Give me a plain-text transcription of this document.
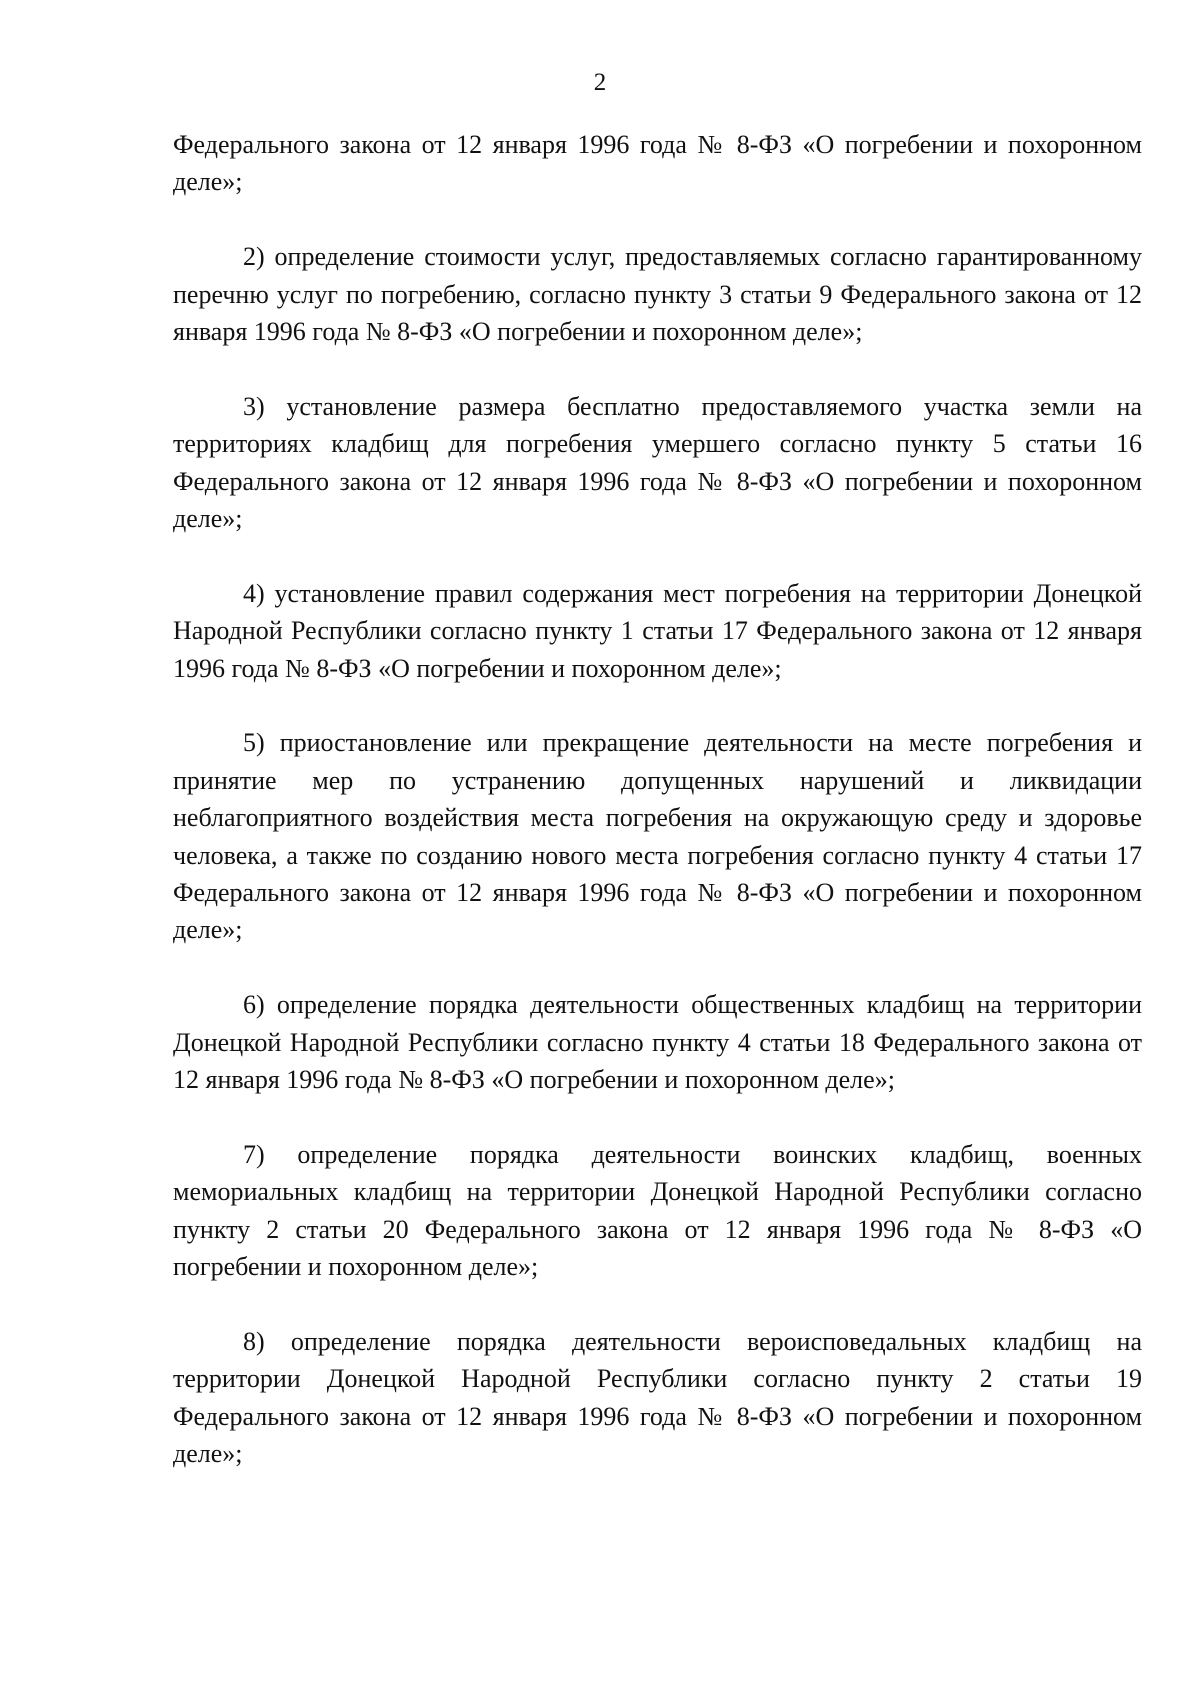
2

Федерального закона от 12 января 1996 года № 8-ФЗ «О погребении и похоронном деле»;

2) определение стоимости услуг, предоставляемых согласно гарантированному перечню услуг по погребению, согласно пункту 3 статьи 9 Федерального закона от 12 января 1996 года № 8-ФЗ «О погребении и похоронном деле»;

3) установление размера бесплатно предоставляемого участка земли на территориях кладбищ для погребения умершего согласно пункту 5 статьи 16 Федерального закона от 12 января 1996 года № 8-ФЗ «О погребении и похоронном деле»;

4) установление правил содержания мест погребения на территории Донецкой Народной Республики согласно пункту 1 статьи 17 Федерального закона от 12 января 1996 года № 8-ФЗ «О погребении и похоронном деле»;

5) приостановление или прекращение деятельности на месте погребения и принятие мер по устранению допущенных нарушений и ликвидации неблагоприятного воздействия места погребения на окружающую среду и здоровье человека, а также по созданию нового места погребения согласно пункту 4 статьи 17 Федерального закона от 12 января 1996 года № 8-ФЗ «О погребении и похоронном деле»;

6) определение порядка деятельности общественных кладбищ на территории Донецкой Народной Республики согласно пункту 4 статьи 18 Федерального закона от 12 января 1996 года № 8-ФЗ «О погребении и похоронном деле»;

7) определение порядка деятельности воинских кладбищ, военных мемориальных кладбищ на территории Донецкой Народной Республики согласно пункту 2 статьи 20 Федерального закона от 12 января 1996 года № 8-ФЗ «О погребении и похоронном деле»;

8) определение порядка деятельности вероисповедальных кладбищ на территории Донецкой Народной Республики согласно пункту 2 статьи 19 Федерального закона от 12 января 1996 года № 8-ФЗ «О погребении и похоронном деле»;
